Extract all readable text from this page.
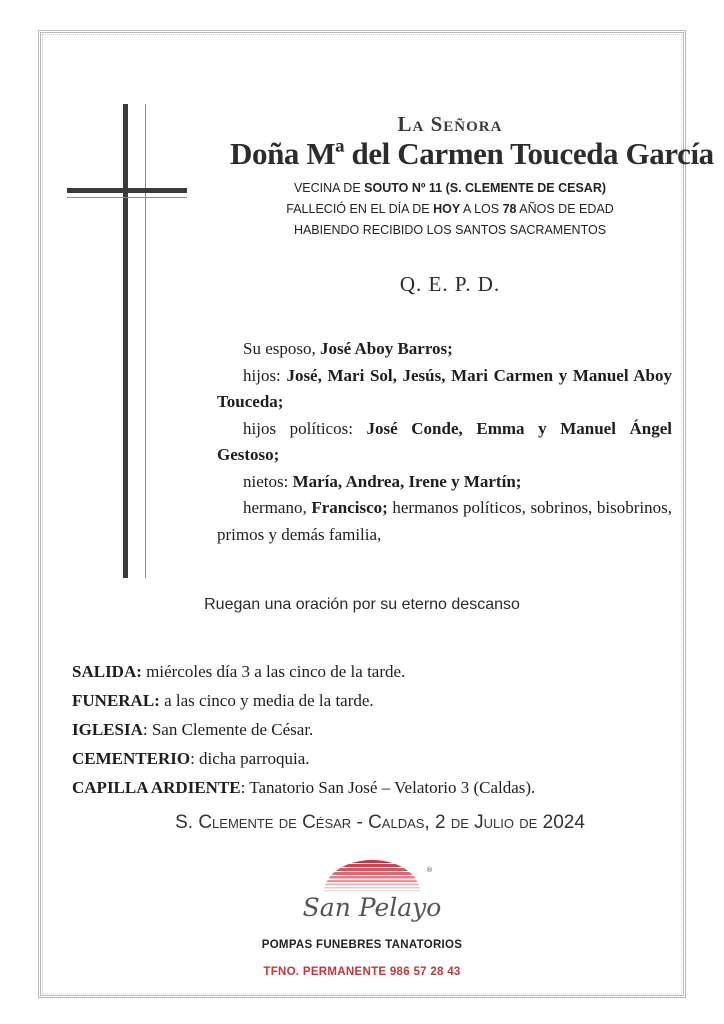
La Señora
Doña Mª del Carmen Touceda García
VECINA DE SOUTO Nº 11 (S. CLEMENTE DE CESAR)
FALLECIÓ EN EL DÍA DE HOY A LOS 78 AÑOS DE EDAD
HABIENDO RECIBIDO LOS SANTOS SACRAMENTOS
Q. E. P. D.

Su esposo, José Aboy Barros;

hijos: José, Mari Sol, Jesús, Mari Carmen y Manuel Aboy Touceda;

hijos políticos: José Conde, Emma y Manuel Ángel Gestoso;

nietos: María, Andrea, Irene y Martín;

hermano, Francisco; hermanos políticos, sobrinos, bisobrinos, primos y demás familia,

Ruegan una oración por su eterno descanso
SALIDA: miércoles día 3 a las cinco de la tarde.
FUNERAL: a las cinco y media de la tarde.
IGLESIA: San Clemente de César.
CEMENTERIO: dicha parroquia.
CAPILLA ARDIENTE: Tanatorio San José – Velatorio 3 (Caldas).
S. Clemente de César - Caldas, 2 de Julio de 2024
San Pelayo
®
POMPAS FUNEBRES TANATORIOS
TFNO. PERMANENTE 986 57 28 43
